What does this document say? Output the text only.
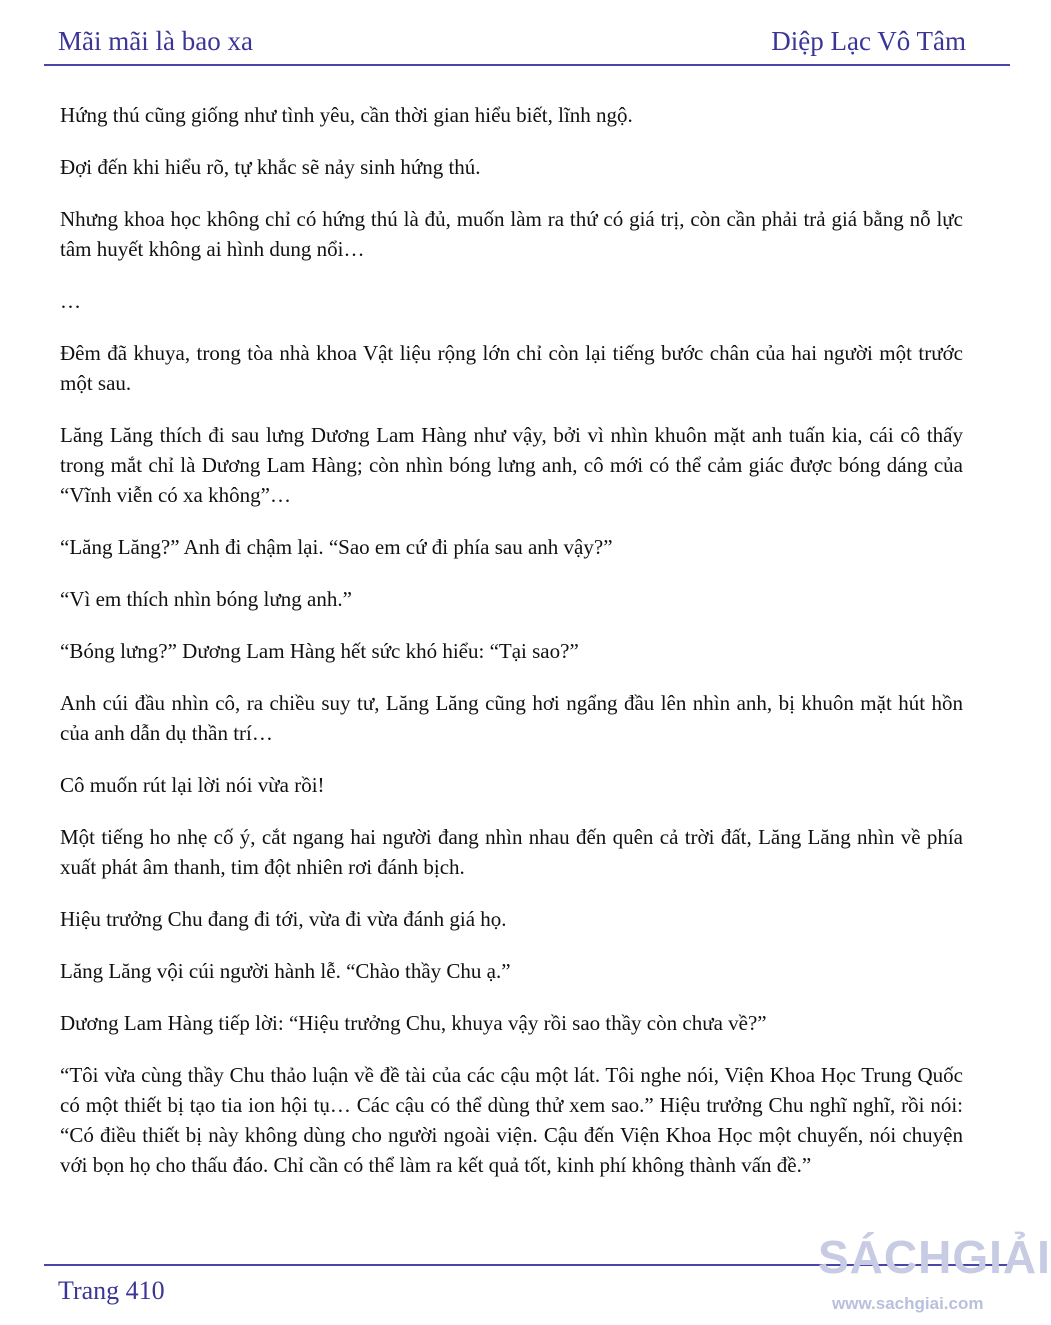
Mãi mãi là bao xa	Diệp Lạc Vô Tâm

Hứng thú cũng giống như tình yêu, cần thời gian hiểu biết, lĩnh ngộ.

Đợi đến khi hiểu rõ, tự khắc sẽ nảy sinh hứng thú.

Nhưng khoa học không chỉ có hứng thú là đủ, muốn làm ra thứ có giá trị, còn cần phải trả giá bằng nỗ lực tâm huyết không ai hình dung nổi…

…

Đêm đã khuya, trong tòa nhà khoa Vật liệu rộng lớn chỉ còn lại tiếng bước chân của hai người một trước một sau.

Lăng Lăng thích đi sau lưng Dương Lam Hàng như vậy, bởi vì nhìn khuôn mặt anh tuấn kia, cái cô thấy trong mắt chỉ là Dương Lam Hàng; còn nhìn bóng lưng anh, cô mới có thể cảm giác được bóng dáng của “Vĩnh viễn có xa không”…

“Lăng Lăng?” Anh đi chậm lại. “Sao em cứ đi phía sau anh vậy?”

“Vì em thích nhìn bóng lưng anh.”

“Bóng lưng?” Dương Lam Hàng hết sức khó hiểu: “Tại sao?”

Anh cúi đầu nhìn cô, ra chiều suy tư, Lăng Lăng cũng hơi ngẩng đầu lên nhìn anh, bị khuôn mặt hút hồn của anh dẫn dụ thần trí…

Cô muốn rút lại lời nói vừa rồi!

Một tiếng ho nhẹ cố ý, cắt ngang hai người đang nhìn nhau đến quên cả trời đất, Lăng Lăng nhìn về phía xuất phát âm thanh, tim đột nhiên rơi đánh bịch.

Hiệu trưởng Chu đang đi tới, vừa đi vừa đánh giá họ.

Lăng Lăng vội cúi người hành lễ. “Chào thầy Chu ạ.”

Dương Lam Hàng tiếp lời: “Hiệu trưởng Chu, khuya vậy rồi sao thầy còn chưa về?”

“Tôi vừa cùng thầy Chu thảo luận về đề tài của các cậu một lát. Tôi nghe nói, Viện Khoa Học Trung Quốc có một thiết bị tạo tia ion hội tụ… Các cậu có thể dùng thử xem sao.” Hiệu trưởng Chu nghĩ nghĩ, rồi nói: “Có điều thiết bị này không dùng cho người ngoài viện. Cậu đến Viện Khoa Học một chuyến, nói chuyện với bọn họ cho thấu đáo. Chỉ cần có thể làm ra kết quả tốt, kinh phí không thành vấn đề.”

Trang 410
SÁCHGIẢI
www.sachgiai.com
